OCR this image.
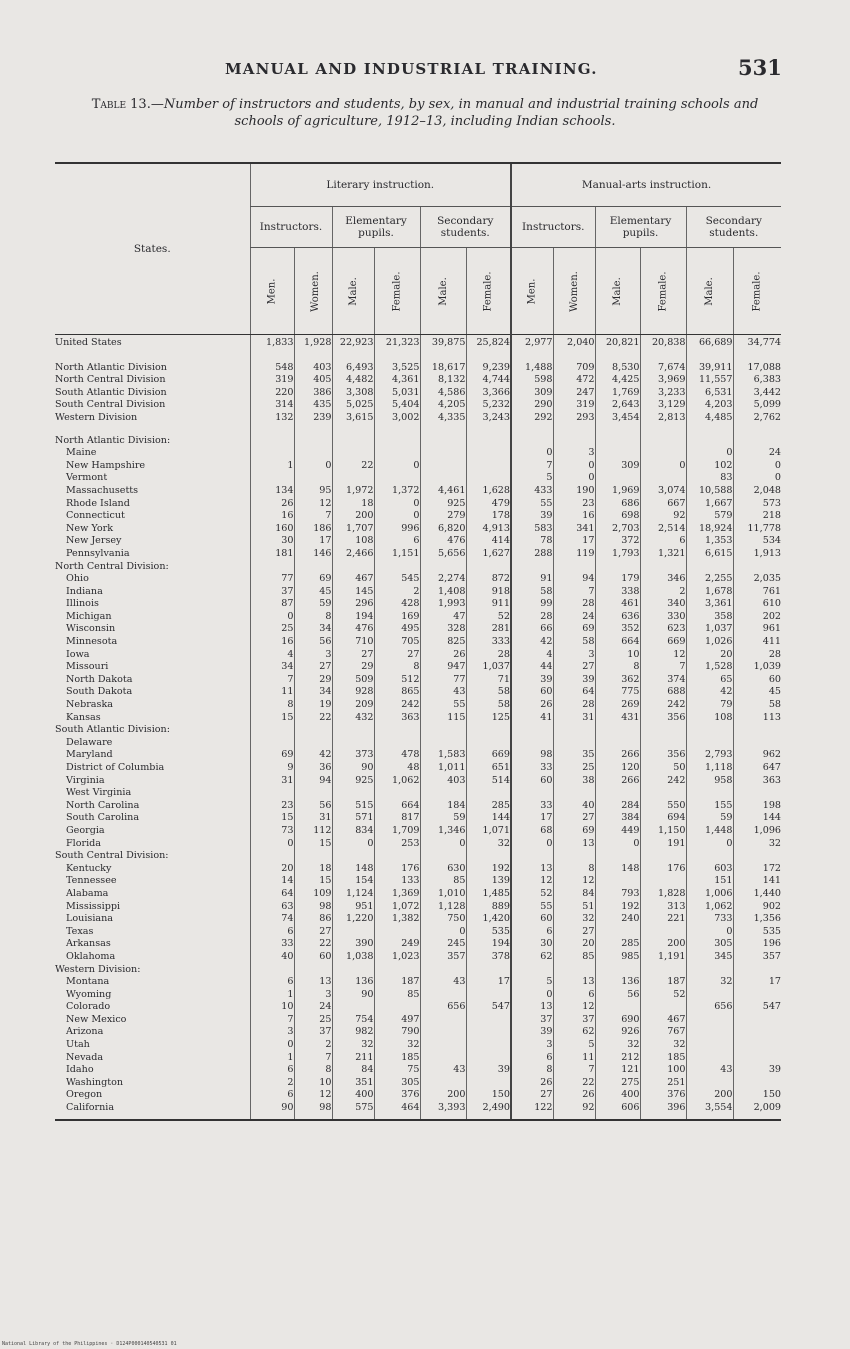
MANUAL AND INDUSTRIAL TRAINING.	531
Table 13.—Number of instructors and students, by sex, in manual and industrial training schools and schools of agriculture, 1912–13, including Indian schools.
States.	Literary instruction.						Manual-arts instruction.					
	Instructors.		Elementary pupils.		Secondary students.		Instructors.		Elementary pupils.		Secondary students.	
	Men.	Women.	Male.	Female.	Male.	Female.	Men.	Women.	Male.	Female.	Male.	Female.
United States	1,833	1,928	22,923	21,323	39,875	25,824	2,977	2,040	20,821	20,838	66,689	34,774

North Atlantic Division	548	403	6,493	3,525	18,617	9,239	1,488	709	8,530	7,674	39,911	17,088
North Central Division	319	405	4,482	4,361	8,132	4,744	598	472	4,425	3,969	11,557	6,383
South Atlantic Division	220	386	3,308	5,031	4,586	3,366	309	247	1,769	3,233	6,531	3,442
South Central Division	314	435	5,025	5,404	4,205	5,232	290	319	2,643	3,129	4,203	5,099
Western Division	132	239	3,615	3,002	4,335	3,243	292	293	3,454	2,813	4,485	2,762

North Atlantic Division:												
Maine							0	3			0	24
New Hampshire	1	0	22	0			7	0	309	0	102	0
Vermont							5	0			83	0
Massachusetts	134	95	1,972	1,372	4,461	1,628	433	190	1,969	3,074	10,588	2,048
Rhode Island	26	12	18	0	925	479	55	23	686	667	1,667	573
Connecticut	16	7	200	0	279	178	39	16	698	92	579	218
New York	160	186	1,707	996	6,820	4,913	583	341	2,703	2,514	18,924	11,778
New Jersey	30	17	108	6	476	414	78	17	372	6	1,353	534
Pennsylvania	181	146	2,466	1,151	5,656	1,627	288	119	1,793	1,321	6,615	1,913
North Central Division:												
Ohio	77	69	467	545	2,274	872	91	94	179	346	2,255	2,035
Indiana	37	45	145	2	1,408	918	58	7	338	2	1,678	761
Illinois	87	59	296	428	1,993	911	99	28	461	340	3,361	610
Michigan	0	8	194	169	47	52	28	24	636	330	358	202
Wisconsin	25	34	476	495	328	281	66	69	352	623	1,037	961
Minnesota	16	56	710	705	825	333	42	58	664	669	1,026	411
Iowa	4	3	27	27	26	28	4	3	10	12	20	28
Missouri	34	27	29	8	947	1,037	44	27	8	7	1,528	1,039
North Dakota	7	29	509	512	77	71	39	39	362	374	65	60
South Dakota	11	34	928	865	43	58	60	64	775	688	42	45
Nebraska	8	19	209	242	55	58	26	28	269	242	79	58
Kansas	15	22	432	363	115	125	41	31	431	356	108	113
South Atlantic Division:												
Delaware												
Maryland	69	42	373	478	1,583	669	98	35	266	356	2,793	962
District of Columbia	9	36	90	48	1,011	651	33	25	120	50	1,118	647
Virginia	31	94	925	1,062	403	514	60	38	266	242	958	363
West Virginia												
North Carolina	23	56	515	664	184	285	33	40	284	550	155	198
South Carolina	15	31	571	817	59	144	17	27	384	694	59	144
Georgia	73	112	834	1,709	1,346	1,071	68	69	449	1,150	1,448	1,096
Florida	0	15	0	253	0	32	0	13	0	191	0	32
South Central Division:												
Kentucky	20	18	148	176	630	192	13	8	148	176	603	172
Tennessee	14	15	154	133	85	139	12	12			151	141
Alabama	64	109	1,124	1,369	1,010	1,485	52	84	793	1,828	1,006	1,440
Mississippi	63	98	951	1,072	1,128	889	55	51	192	313	1,062	902
Louisiana	74	86	1,220	1,382	750	1,420	60	32	240	221	733	1,356
Texas	6	27			0	535	6	27			0	535
Arkansas	33	22	390	249	245	194	30	20	285	200	305	196
Oklahoma	40	60	1,038	1,023	357	378	62	85	985	1,191	345	357
Western Division:												
Montana	6	13	136	187	43	17	5	13	136	187	32	17
Wyoming	1	3	90	85			0	6	56	52		
Colorado	10	24			656	547	13	12			656	547
New Mexico	7	25	754	497			37	37	690	467		
Arizona	3	37	982	790			39	62	926	767		
Utah	0	2	32	32			3	5	32	32		
Nevada	1	7	211	185			6	11	212	185		
Idaho	6	8	84	75	43	39	8	7	121	100	43	39
Washington	2	10	351	305			26	22	275	251		
Oregon	6	12	400	376	200	150	27	26	400	376	200	150
California	90	98	575	464	3,393	2,490	122	92	606	396	3,554	2,009
National Library of the Philippines · D124P000140540531 01
